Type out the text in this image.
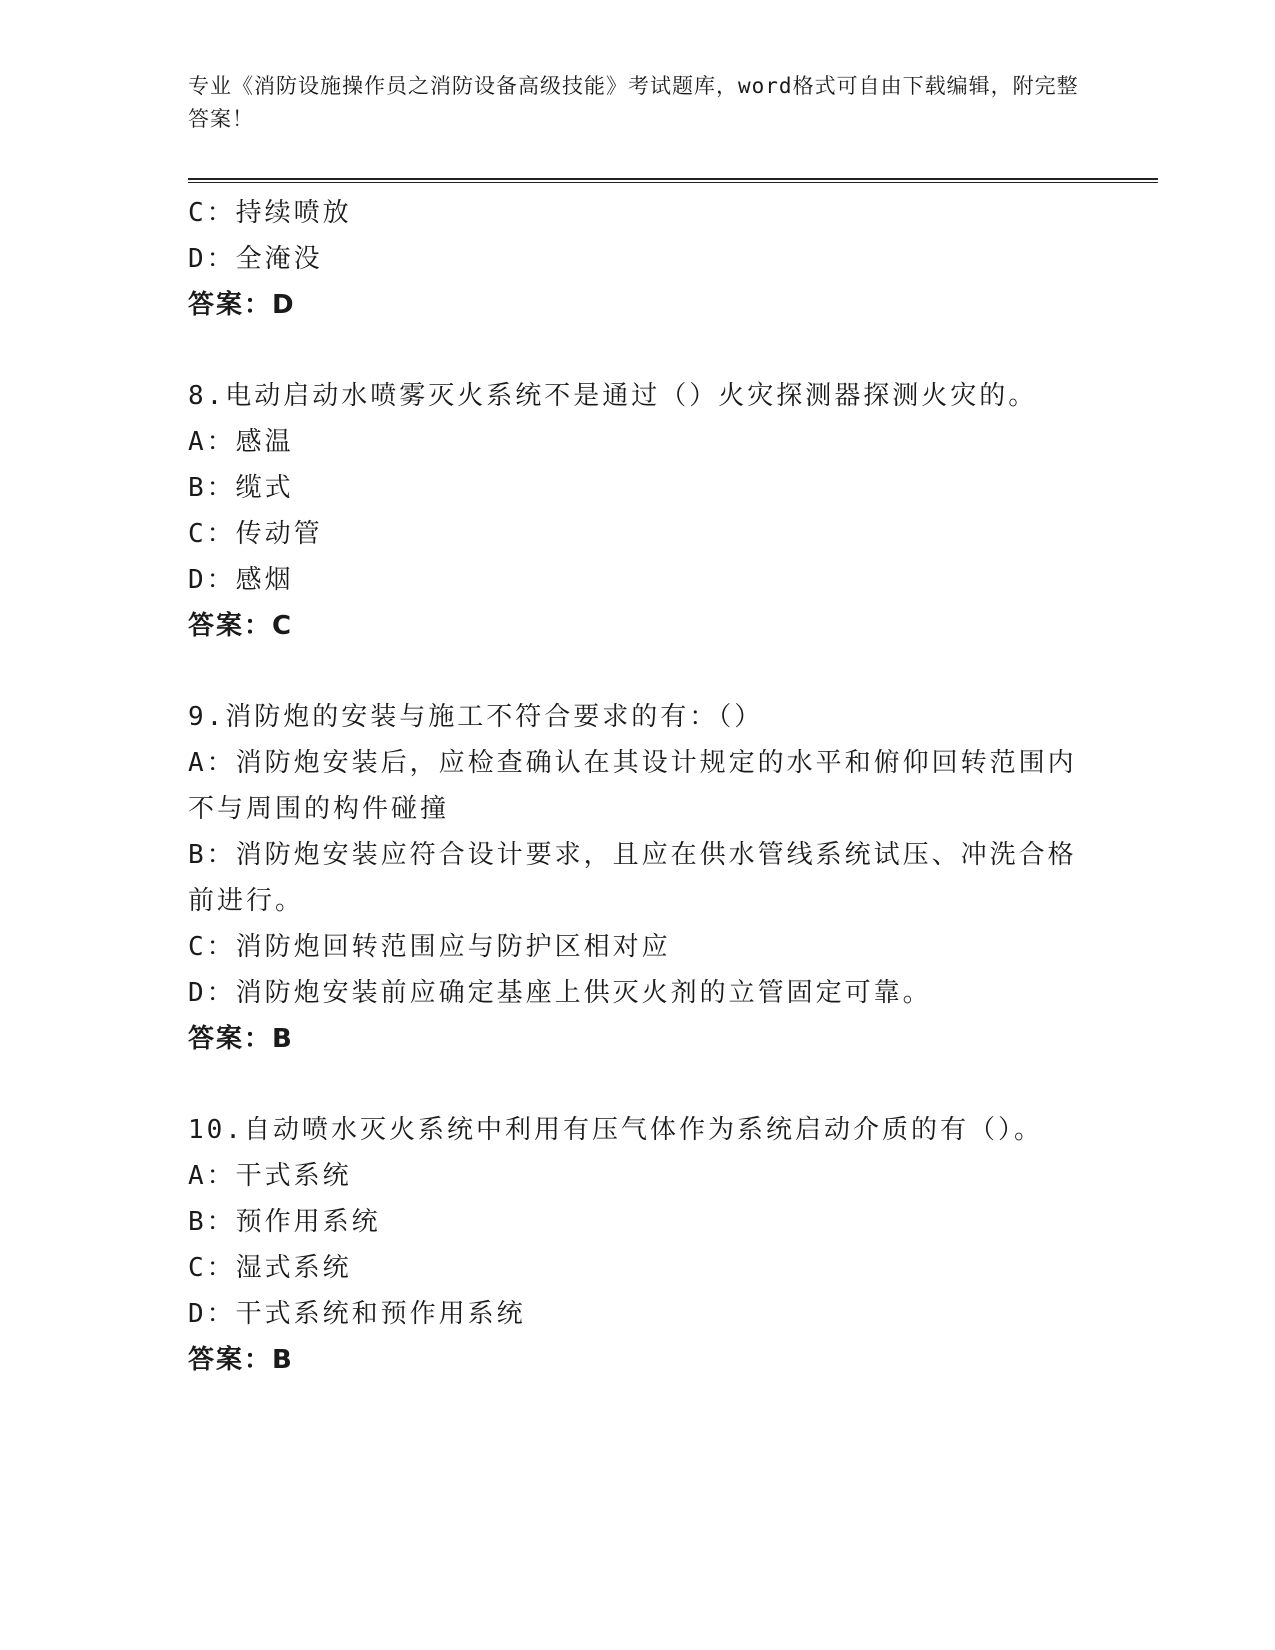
专业《消防设施操作员之消防设备高级技能》考试题库，word格式可自由下载编辑，附完整答案！
C：持续喷放
D：全淹没
答案：D
8.电动启动水喷雾灭火系统不是通过（）火灾探测器探测火灾的。
A：感温
B：缆式
C：传动管
D：感烟
答案：C
9.消防炮的安装与施工不符合要求的有：（）
A：消防炮安装后，应检查确认在其设计规定的水平和俯仰回转范围内不与周围的构件碰撞
B：消防炮安装应符合设计要求，且应在供水管线系统试压、冲洗合格前进行。
C：消防炮回转范围应与防护区相对应
D：消防炮安装前应确定基座上供灭火剂的立管固定可靠。
答案：B
10.自动喷水灭火系统中利用有压气体作为系统启动介质的有（）。
A：干式系统
B：预作用系统
C：湿式系统
D：干式系统和预作用系统
答案：B
